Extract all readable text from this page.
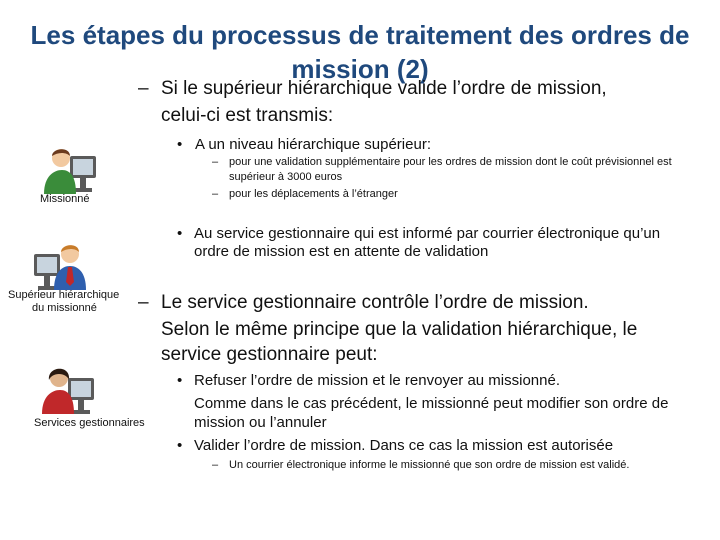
Les étapes du processus de traitement des ordres de
mission (2)
Missionné
Supérieur hiérarchique
du missionné
Services gestionnaires
– Si le supérieur hiérarchique valide l’ordre de mission,
celui-ci est transmis:
• A un niveau hiérarchique supérieur:
– pour une validation supplémentaire pour les ordres de mission dont le coût prévisionnel est
supérieur à 3000 euros
– pour les déplacements à l’étranger
• Au service gestionnaire qui est informé par courrier électronique qu’un
ordre de mission est en attente de validation
– Le service gestionnaire contrôle l’ordre de mission.
Selon le même principe que la validation hiérarchique, le
service gestionnaire peut:
• Refuser l’ordre de mission et le renvoyer au missionné.
Comme dans le cas précédent, le missionné peut modifier son ordre de
mission ou l’annuler
• Valider l’ordre de mission. Dans ce cas la mission est autorisée
– Un courrier électronique informe le missionné que son ordre de mission est validé.
